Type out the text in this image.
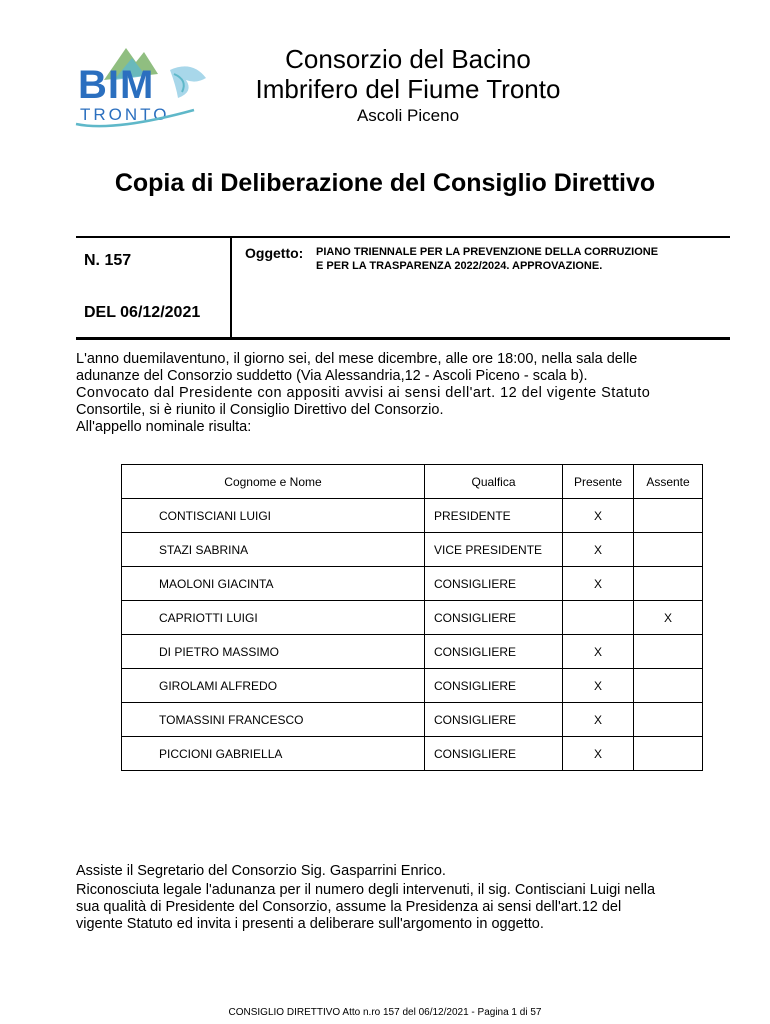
BIM
TRONTO
Consorzio del Bacino
Imbrifero del Fiume Tronto
Ascoli Piceno
Copia di Deliberazione del Consiglio Direttivo
N. 157
DEL 06/12/2021
Oggetto: PIANO TRIENNALE PER LA PREVENZIONE DELLA CORRUZIONE
E PER LA TRASPARENZA 2022/2024. APPROVAZIONE.
L'anno duemilaventuno, il giorno sei, del mese dicembre, alle ore 18:00, nella sala delle
adunanze del Consorzio suddetto (Via Alessandria,12 - Ascoli Piceno - scala b).
Convocato dal Presidente con appositi avvisi ai sensi dell'art. 12 del vigente Statuto
Consortile, si è riunito il Consiglio Direttivo del Consorzio.
All'appello nominale risulta:
Cognome e Nome	Qualfica	Presente	Assente
CONTISCIANI LUIGI	PRESIDENTE	X	
STAZI SABRINA	VICE PRESIDENTE	X	
MAOLONI GIACINTA	CONSIGLIERE	X	
CAPRIOTTI LUIGI	CONSIGLIERE		X
DI PIETRO MASSIMO	CONSIGLIERE	X	
GIROLAMI ALFREDO	CONSIGLIERE	X	
TOMASSINI FRANCESCO	CONSIGLIERE	X	
PICCIONI GABRIELLA	CONSIGLIERE	X	
Assiste il Segretario del Consorzio Sig. Gasparrini Enrico.
Riconosciuta legale l'adunanza per il numero degli intervenuti, il sig. Contisciani Luigi nella
sua qualità di Presidente del Consorzio, assume la Presidenza ai sensi dell'art.12 del
vigente Statuto ed invita i presenti a deliberare sull'argomento in oggetto.
CONSIGLIO DIRETTIVO Atto n.ro 157 del 06/12/2021 - Pagina 1 di 57
